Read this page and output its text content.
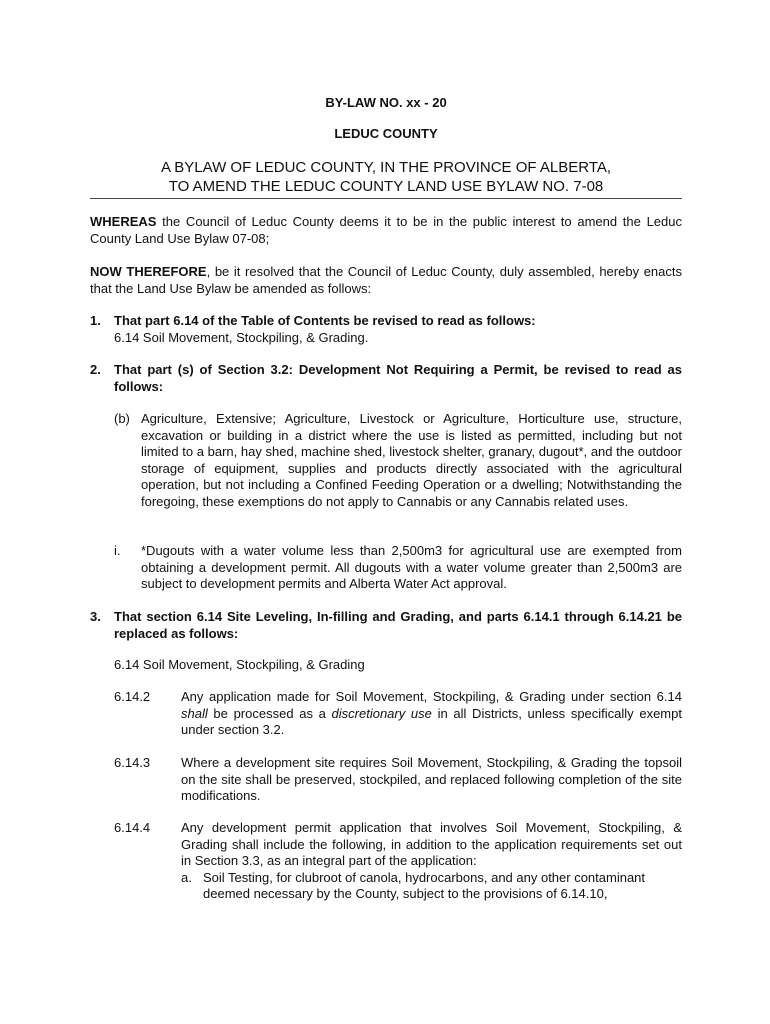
BY-LAW NO. xx - 20
LEDUC COUNTY
A BYLAW OF LEDUC COUNTY, IN THE PROVINCE OF ALBERTA,
TO AMEND THE LEDUC COUNTY LAND USE BYLAW NO. 7-08
WHEREAS the Council of Leduc County deems it to be in the public interest to amend the Leduc County Land Use Bylaw 07-08;
NOW THEREFORE, be it resolved that the Council of Leduc County, duly assembled, hereby enacts that the Land Use Bylaw be amended as follows:
1. That part 6.14 of the Table of Contents be revised to read as follows:
6.14 Soil Movement, Stockpiling, & Grading.
2. That part (s) of Section 3.2: Development Not Requiring a Permit, be revised to read as follows:
(b) Agriculture, Extensive; Agriculture, Livestock or Agriculture, Horticulture use, structure, excavation or building in a district where the use is listed as permitted, including but not limited to a barn, hay shed, machine shed, livestock shelter, granary, dugout*, and the outdoor storage of equipment, supplies and products directly associated with the agricultural operation, but not including a Confined Feeding Operation or a dwelling; Notwithstanding the foregoing, these exemptions do not apply to Cannabis or any Cannabis related uses.
i. *Dugouts with a water volume less than 2,500m3 for agricultural use are exempted from obtaining a development permit. All dugouts with a water volume greater than 2,500m3 are subject to development permits and Alberta Water Act approval.
3. That section 6.14 Site Leveling, In-filling and Grading, and parts 6.14.1 through 6.14.21 be replaced as follows:
6.14 Soil Movement, Stockpiling, & Grading
6.14.2 Any application made for Soil Movement, Stockpiling, & Grading under section 6.14 shall be processed as a discretionary use in all Districts, unless specifically exempt under section 3.2.
6.14.3 Where a development site requires Soil Movement, Stockpiling, & Grading the topsoil on the site shall be preserved, stockpiled, and replaced following completion of the site modifications.
6.14.4 Any development permit application that involves Soil Movement, Stockpiling, & Grading shall include the following, in addition to the application requirements set out in Section 3.3, as an integral part of the application:
a. Soil Testing, for clubroot of canola, hydrocarbons, and any other contaminant deemed necessary by the County, subject to the provisions of 6.14.10,
